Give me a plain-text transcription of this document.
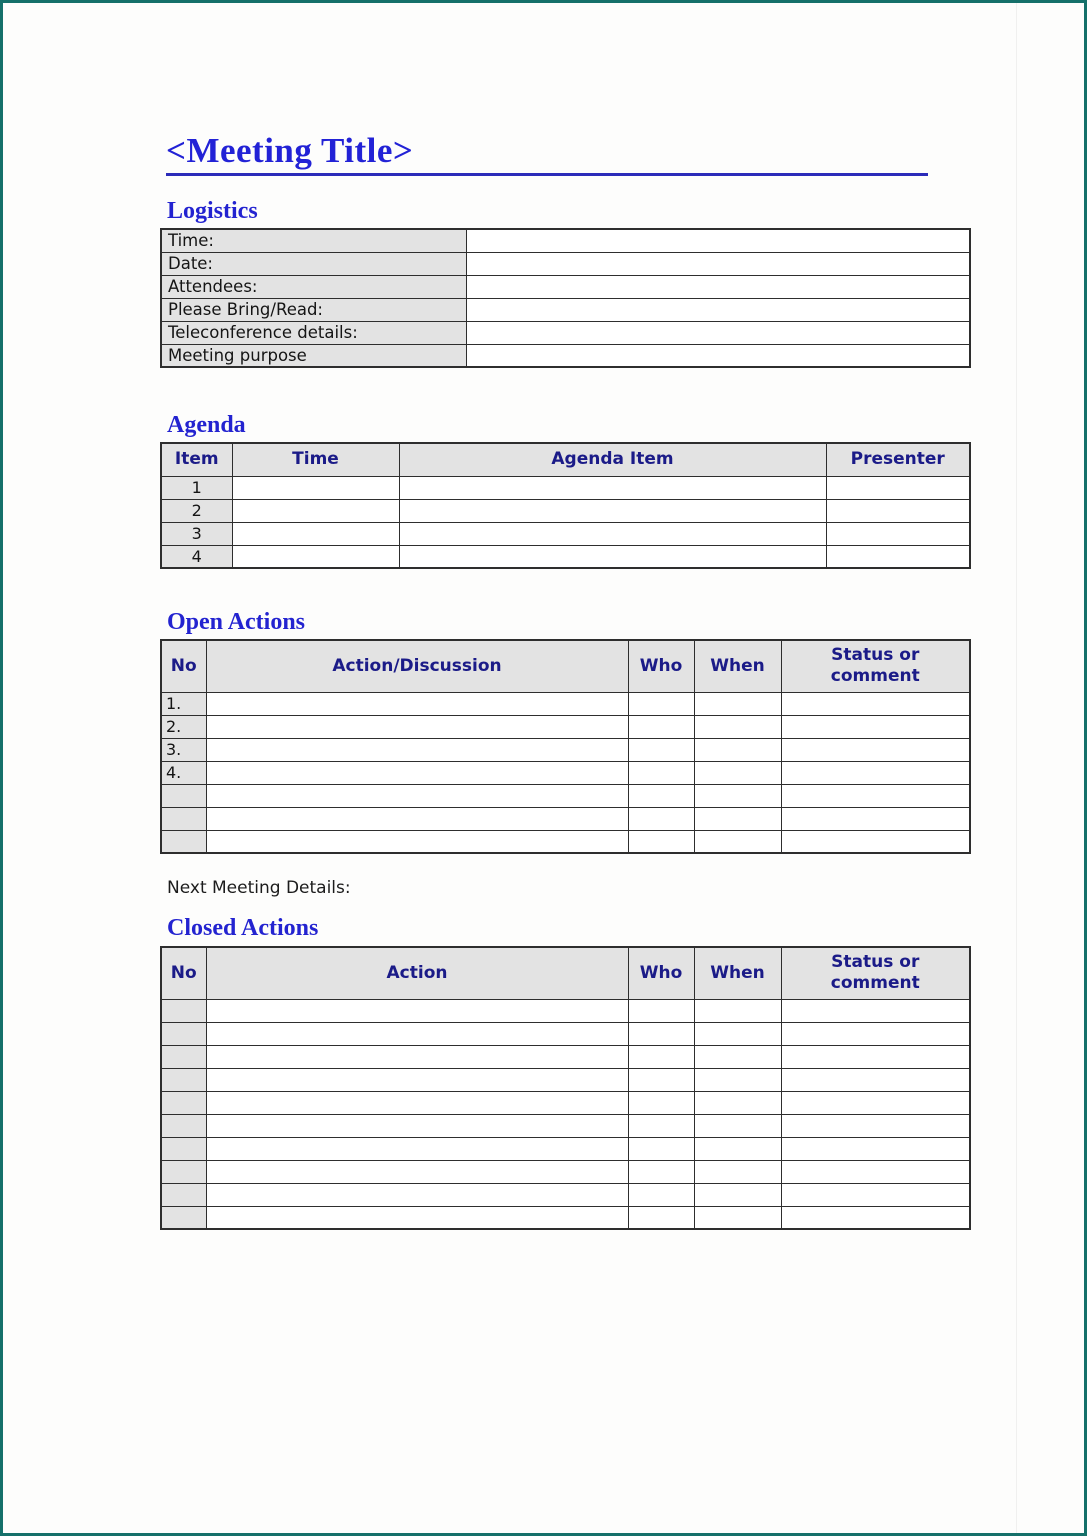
<Meeting Title>
Logistics
Time:	
Date:	
Attendees:	
Please Bring/Read:	
Teleconference details:	
Meeting purpose	
Agenda
Item	Time	Agenda Item	Presenter
1			
2			
3			
4			
Open Actions
No	Action/Discussion	Who	When	Status or comment
1.				
2.				
3.				
4.				

Next Meeting Details:
Closed Actions
No	Action	Who	When	Status or comment
